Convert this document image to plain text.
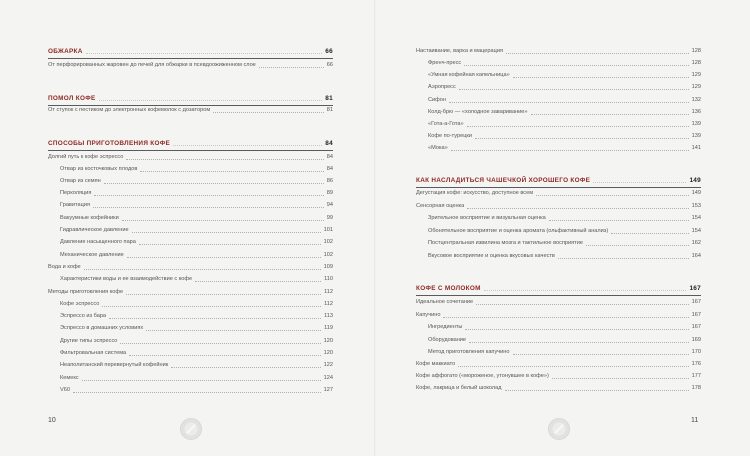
ОБЖАРКА	66
От перфорированных жаровен до печей для обжарки в псевдоожиженном слое	66
ПОМОЛ КОФЕ	81
От ступок с пестиком до электронных кофемолок с дозатором	81
СПОСОБЫ ПРИГОТОВЛЕНИЯ КОФЕ	84
Долгий путь к кофе эспрессо	84
Отвар из косточковых плодов	84
Отвар из семян	86
Перколяция	89
Гравитация	94
Вакуумные кофейники	99
Гидравлическое давление	101
Давление насыщенного пара	102
Механическое давление	102
Вода и кофе	109
Характеристики воды и ее взаимодействие с кофе	110
Методы приготовления кофе	112
Кофе эспрессо	112
Эспрессо из бара	113
Эспрессо в домашних условиях	119
Другие типы эспрессо	120
Фильтровальная система	120
Неаполитанский перевернутый кофейник	122
Кемекс	124
V60	127
10
Настаивание, варка и мацерация	128
Френч-пресс	128
«Умная кофейная капельница»	129
Аэропресс	129
Сифон	132
Колд-брю — «холодное заваривание»	136
«Гота-а-Гота»	139
Кофе по-турецки	139
«Мока»	141
КАК НАСЛАДИТЬСЯ ЧАШЕЧКОЙ ХОРОШЕГО КОФЕ	149
Дегустация кофе: искусство, доступное всем	149
Сенсорная оценка	153
Зрительное восприятие и визуальная оценка	154
Обонятельное восприятие и оценка аромата (ольфактивный анализ)	154
Постцентральная извилина мозга и тактильное восприятие	162
Вкусовое восприятие и оценка вкусовых качеств	164
КОФЕ С МОЛОКОМ	167
Идеальное сочетание	167
Капучино	167
Ингредиенты	167
Оборудование	169
Метод приготовления капучино	170
Кофе маккиато	176
Кофе аффогато («мороженое, утонувшее в кофе»)	177
Кофе, лакрица и белый шоколад	178
11
